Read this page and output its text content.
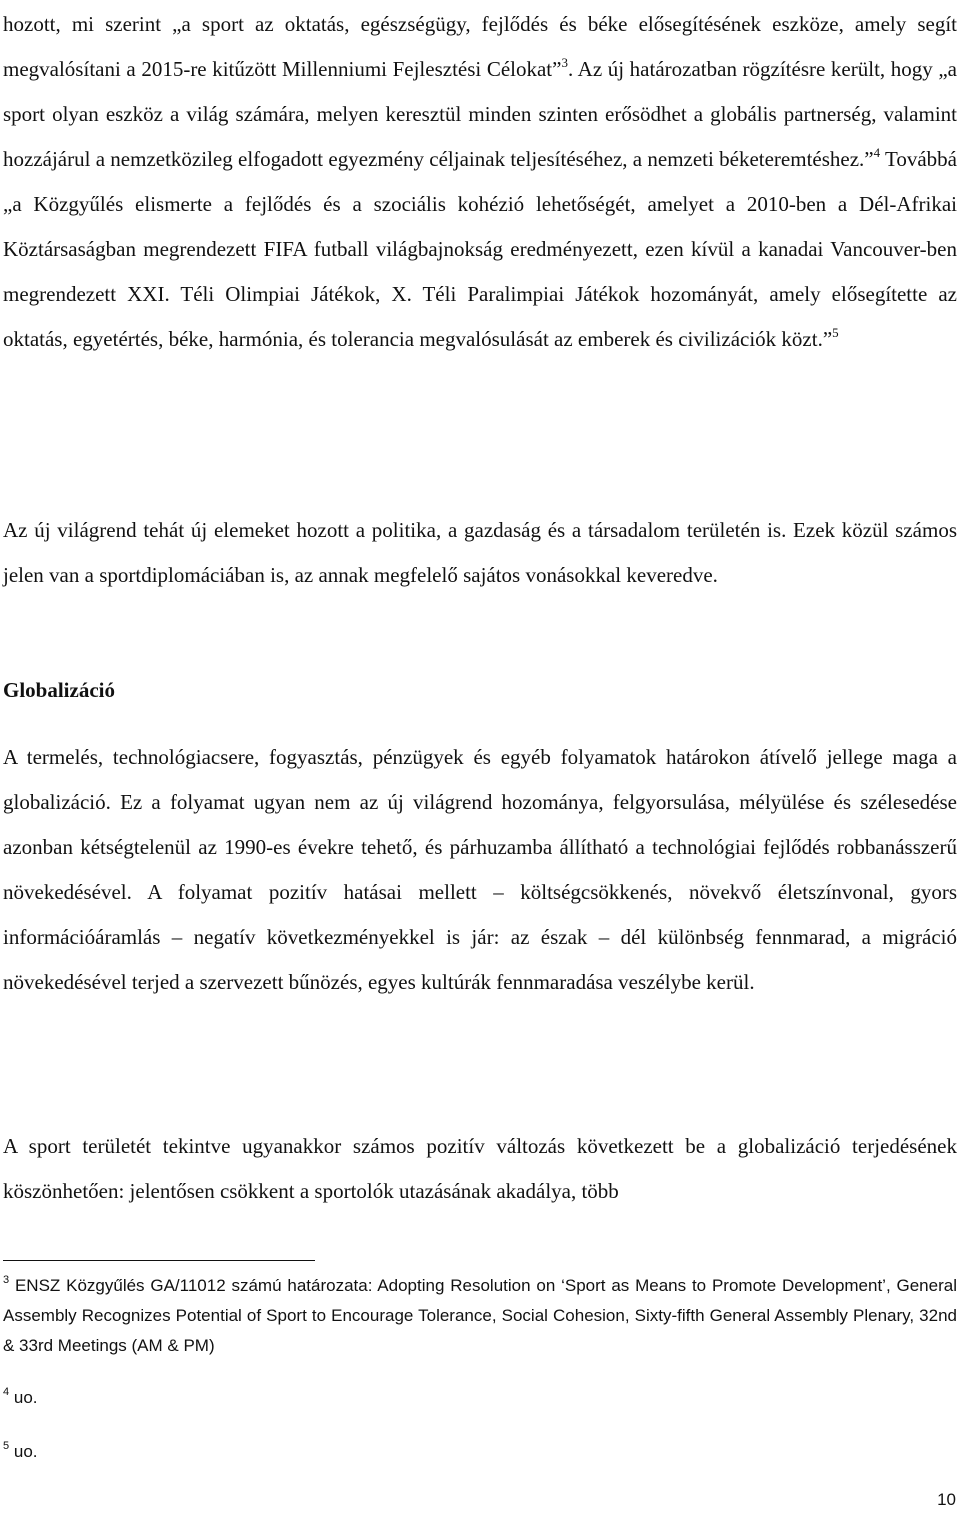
hozott, mi szerint „a sport az oktatás, egészségügy, fejlődés és béke elősegítésének eszköze, amely segít megvalósítani a 2015-re kitűzött Millenniumi Fejlesztési Célokat”$^3$. Az új határozatban rögzítésre került, hogy „a sport olyan eszköz a világ számára, melyen keresztül minden szinten erősödhet a globális partnerség, valamint hozzájárul a nemzetközileg elfogadott egyezmény céljainak teljesítéséhez, a nemzeti béketeremtéshez.”$^4$ Továbbá „a Közgyűlés elismerte a fejlődés és a szociális kohézió lehetőségét, amelyet a 2010-ben a Dél-Afrikai Köztársaságban megrendezett FIFA futball világbajnokság eredményezett, ezen kívül a kanadai Vancouver-ben megrendezett XXI. Téli Olimpiai Játékok, X. Téli Paralimpiai Játékok hozományát, amely elősegítette az oktatás, egyetértés, béke, harmónia, és tolerancia megvalósulását az emberek és civilizációk közt.”$^5$

Az új világrend tehát új elemeket hozott a politika, a gazdaság és a társadalom területén is. Ezek közül számos jelen van a sportdiplomáciában is, az annak megfelelő sajátos vonásokkal keveredve.

Globalizáció

A termelés, technológiacsere, fogyasztás, pénzügyek és egyéb folyamatok határokon átívelő jellege maga a globalizáció. Ez a folyamat ugyan nem az új világrend hozománya, felgyorsulása, mélyülése és szélesedése azonban kétségtelenül az 1990-es évekre tehető, és párhuzamba állítható a technológiai fejlődés robbanásszerű növekedésével. A folyamat pozitív hatásai mellett – költségcsökkenés, növekvő életszínvonal, gyors információáramlás – negatív következményekkel is jár: az észak – dél különbség fennmarad, a migráció növekedésével terjed a szervezett bűnözés, egyes kultúrák fennmaradása veszélybe kerül.

A sport területét tekintve ugyanakkor számos pozitív változás következett be a globalizáció terjedésének köszönhetően: jelentősen csökkent a sportolók utazásának akadálya, több

$^3$ ENSZ Közgyűlés GA/11012 számú határozata: Adopting Resolution on ‘Sport as Means to Promote Development’, General Assembly Recognizes Potential of Sport to Encourage Tolerance, Social Cohesion, Sixty-fifth General Assembly Plenary, 32nd & 33rd Meetings (AM & PM)

$^4$ uo.

$^5$ uo.

10
